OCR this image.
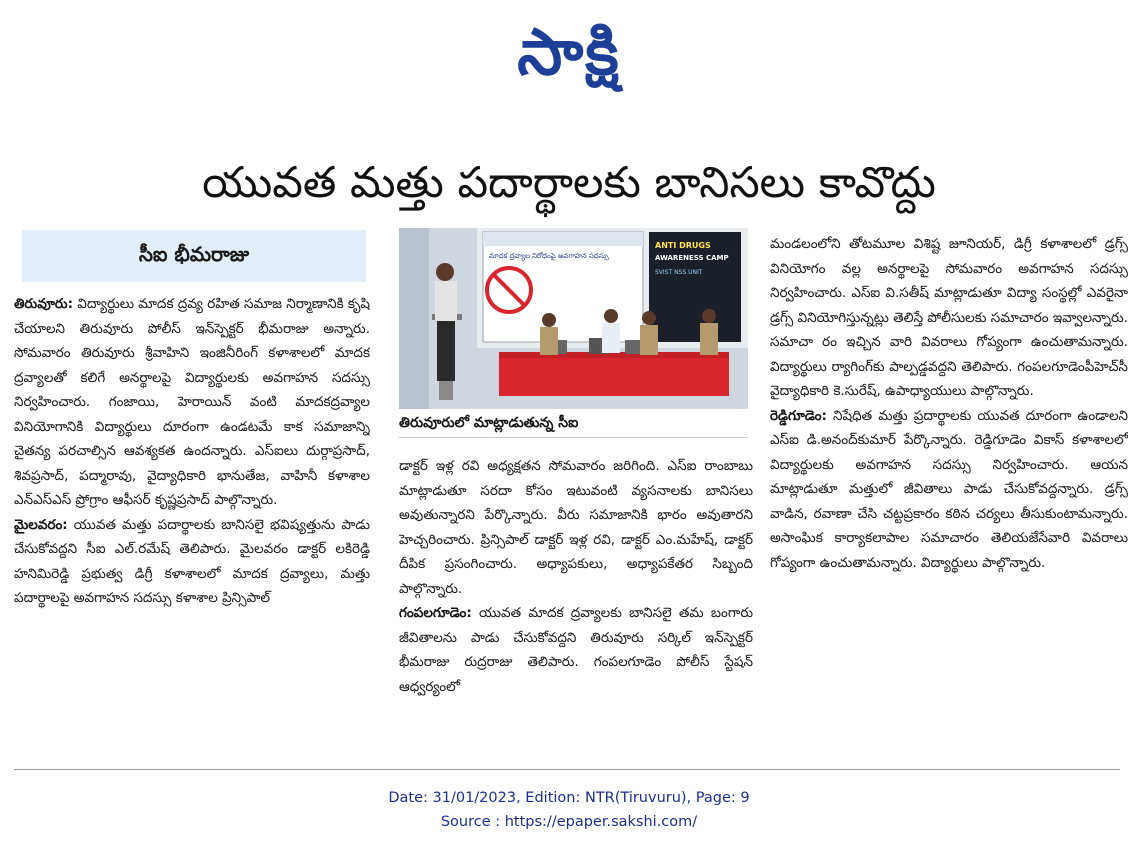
సాక్షి
యువత మత్తు పదార్థాలకు బానిసలు కావొద్దు
సీఐ భీమరాజు

తిరువూరు: విద్యార్థులు మాదక ద్రవ్య రహిత సమాజ నిర్మాణానికి కృషి చేయాలని తిరువూరు పోలీస్ ఇన్‌స్పెక్టర్ భీమరాజు అన్నారు. సోమవారం తిరువూరు శ్రీవాహిని ఇంజినీరింగ్ కళాశాలలో మాదక ద్రవ్యాలతో కలిగే అనర్థాలపై విద్యార్థులకు అవగాహన సదస్సు నిర్వహించారు. గంజాయి, హెరాయిన్ వంటి మాదకద్రవ్యాల వినియోగానికి విద్యార్థులు దూరంగా ఉండటమే కాక సమాజాన్ని చైతన్య పరచాల్సిన ఆవశ్యకత ఉందన్నారు. ఎస్ఐలు దుర్గాప్రసాద్, శివప్రసాద్, పద్మారావు, వైద్యాధికారి భానుతేజ, వాహినీ కళాశాల ఎన్ఎస్ఎస్ ప్రోగ్రాం ఆఫీసర్ కృష్ణప్రసాద్ పాల్గొన్నారు.

మైలవరం: యువత మత్తు పదార్థాలకు బానిసలై భవిష్యత్తును పాడు చేసుకోవద్దని సీఐ ఎల్.రమేష్ తెలిపారు. మైలవరం డాక్టర్ లకిరెడ్డి హనిమిరెడ్డి ప్రభుత్వ డిగ్రీ కళాశాలలో మాదక ద్రవ్యాలు, మత్తు పదార్థాలపై అవగాహన సదస్సు కళాశాల ప్రిన్సిపాల్

మాదక ద్రవ్యాల నిరోధంపై అవగాహన సదస్సు
ANTI DRUGS
AWARENESS CAMP
SVIST NSS UNIT
తిరువూరులో మాట్లాడుతున్న సీఐ

డాక్టర్ ఇళ్ల రవి అధ్యక్షతన సోమవారం జరిగింది. ఎస్ఐ రాంబాబు మాట్లాడుతూ సరదా కోసం ఇటువంటి వ్యసనాలకు బానిసలు అవుతున్నారని పేర్కొన్నారు. వీరు సమాజానికి భారం అవుతారని హెచ్చరించారు. ప్రిన్సిపాల్ డాక్టర్ ఇళ్ల రవి, డాక్టర్ ఎం.మహేష్, డాక్టర్ దీపిక ప్రసంగించారు. అధ్యాపకులు, అధ్యాపకేతర సిబ్బంది పాల్గొన్నారు.

గంపలగూడెం: యువత మాదక ద్రవ్యాలకు బానిసలై తమ బంగారు జీవితాలను పాడు చేసుకోవద్దని తిరువూరు సర్కిల్ ఇన్‌స్పెక్టర్ భీమరాజు రుద్రరాజు తెలిపారు. గంపలగూడెం పోలీస్ స్టేషన్ ఆధ్వర్యంలో

మండలంలోని తోటమూల విశిష్ట జూనియర్, డిగ్రీ కళాశాలలో డ్రగ్స్ వినియోగం వల్ల అనర్థాలపై సోమవారం అవగాహన సదస్సు నిర్వహించారు. ఎస్ఐ వి.సతీష్ మాట్లాడుతూ విద్యా సంస్థల్లో ఎవరైనా డ్రగ్స్ వినియోగిస్తున్నట్లు తెలిస్తే పోలీసులకు సమాచారం ఇవ్వాలన్నారు. సమాచా రం ఇచ్చిన వారి వివరాలు గోప్యంగా ఉంచుతామన్నారు. విద్యార్థులు ర్యాగింగ్‌కు పాల్పడ్డవద్దని తెలిపారు. గంపలగూడెంపీహెచ్‌సీ వైద్యాధికారి కె.సురేష్, ఉపాధ్యాయులు పాల్గొన్నారు.

రెడ్డిగూడెం: నిషేధిత మత్తు ప్రదార్థాలకు యువత దూరంగా ఉండాలని ఎస్ఐ డి.అనంద్‌కుమార్ పేర్కొన్నారు. రెడ్డిగూడెం వికాస్ కళాశాలలో విద్యార్థులకు అవగాహన సదస్సు నిర్వహించారు. ఆయన మాట్లాడుతూ మత్తులో జీవితాలు పాడు చేసుకోవద్దన్నారు. డ్రగ్స్ వాడిన, రవాణా చేసి చట్టప్రకారం కఠిన చర్యలు తీసుకుంటామన్నారు. అసాంఘిక కార్యాకలాపాల సమాచారం తెలియజేసేవారి వివరాలు గోప్యంగా ఉంచుతామన్నారు. విద్యార్థులు పాల్గొన్నారు.

Date: 31/01/2023, Edition: NTR(Tiruvuru), Page: 9
Source : https://epaper.sakshi.com/
